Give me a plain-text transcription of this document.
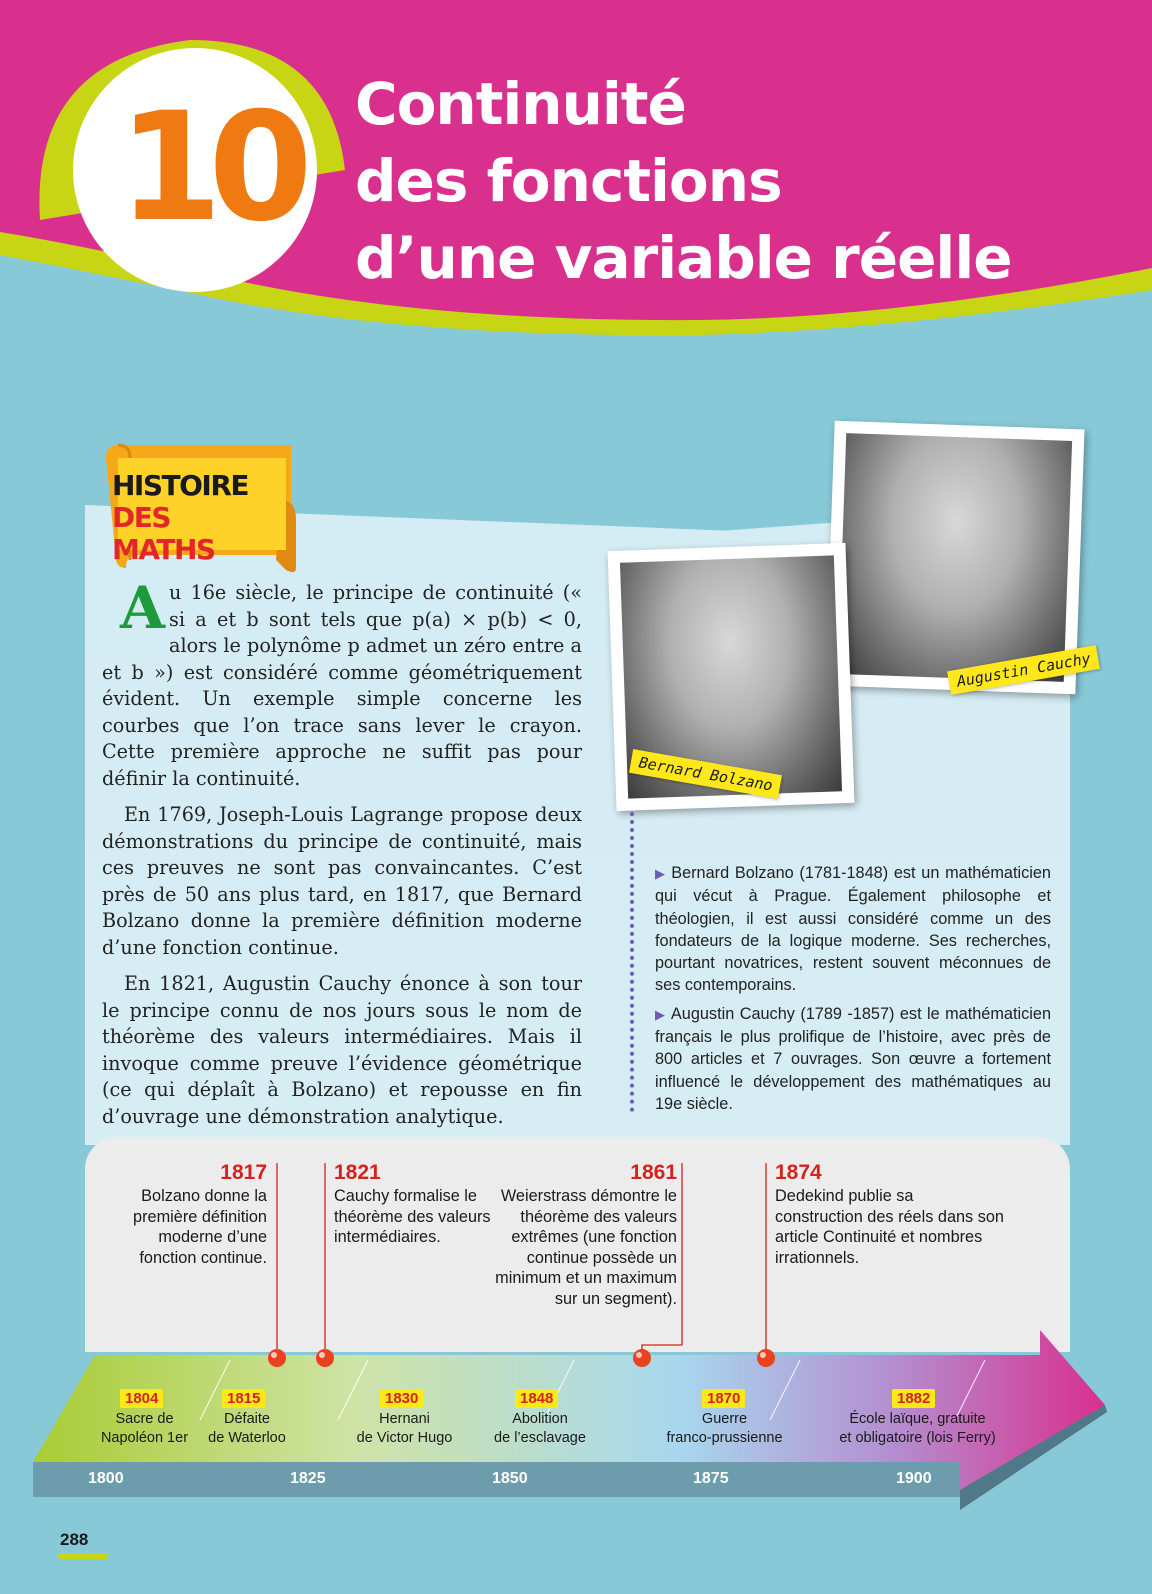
10 Continuité
des fonctions
d’une variable réelle
HISTOIRE
DES MATHS

Au 16e siècle, le principe de continuité (« si a et b sont tels que p(a) × p(b) < 0, alors le polynôme p admet un zéro entre a et b ») est considéré comme géométriquement évident. Un exemple simple concerne les courbes que l’on trace sans lever le crayon. Cette première approche ne suffit pas pour définir la continuité.

En 1769, Joseph-Louis Lagrange propose deux démonstrations du principe de continuité, mais ces preuves ne sont pas convaincantes. C’est près de 50 ans plus tard, en 1817, que Bernard Bolzano donne la première définition moderne d’une fonction continue.

En 1821, Augustin Cauchy énonce à son tour le principe connu de nos jours sous le nom de théorème des valeurs intermédiaires. Mais il invoque comme preuve l’évidence géométrique (ce qui déplaît à Bolzano) et repousse en fin d’ouvrage une démonstration analytique.

Bernard Bolzano
Augustin Cauchy

▶ Bernard Bolzano (1781-1848) est un mathématicien qui vécut à Prague. Également philosophe et théologien, il est aussi considéré comme un des fondateurs de la logique moderne. Ses recherches, pourtant novatrices, restent souvent méconnues de ses contemporains.

▶ Augustin Cauchy (1789 -1857) est le mathématicien français le plus prolifique de l’histoire, avec près de 800 articles et 7 ouvrages. Son œuvre a fortement influencé le développement des mathématiques au 19e siècle.

1817
Bolzano donne la première définition moderne d’une fonction continue.
1821
Cauchy formalise le théorème des valeurs intermédiaires.
1861
Weierstrass démontre le théorème des valeurs extrêmes (une fonction continue possède un minimum et un maximum sur un segment).
1874
Dedekind publie sa construction des réels dans son article Continuité et nombres irrationnels.
1804
Sacre de
Napoléon 1er
1815
Défaite
de Waterloo
1830
Hernani
de Victor Hugo
1848
Abolition
de l’esclavage
1870
Guerre
franco-prussienne
1882
École laïque, gratuite
et obligatoire (lois Ferry)
1800	1825	1850	1875	1900
288
